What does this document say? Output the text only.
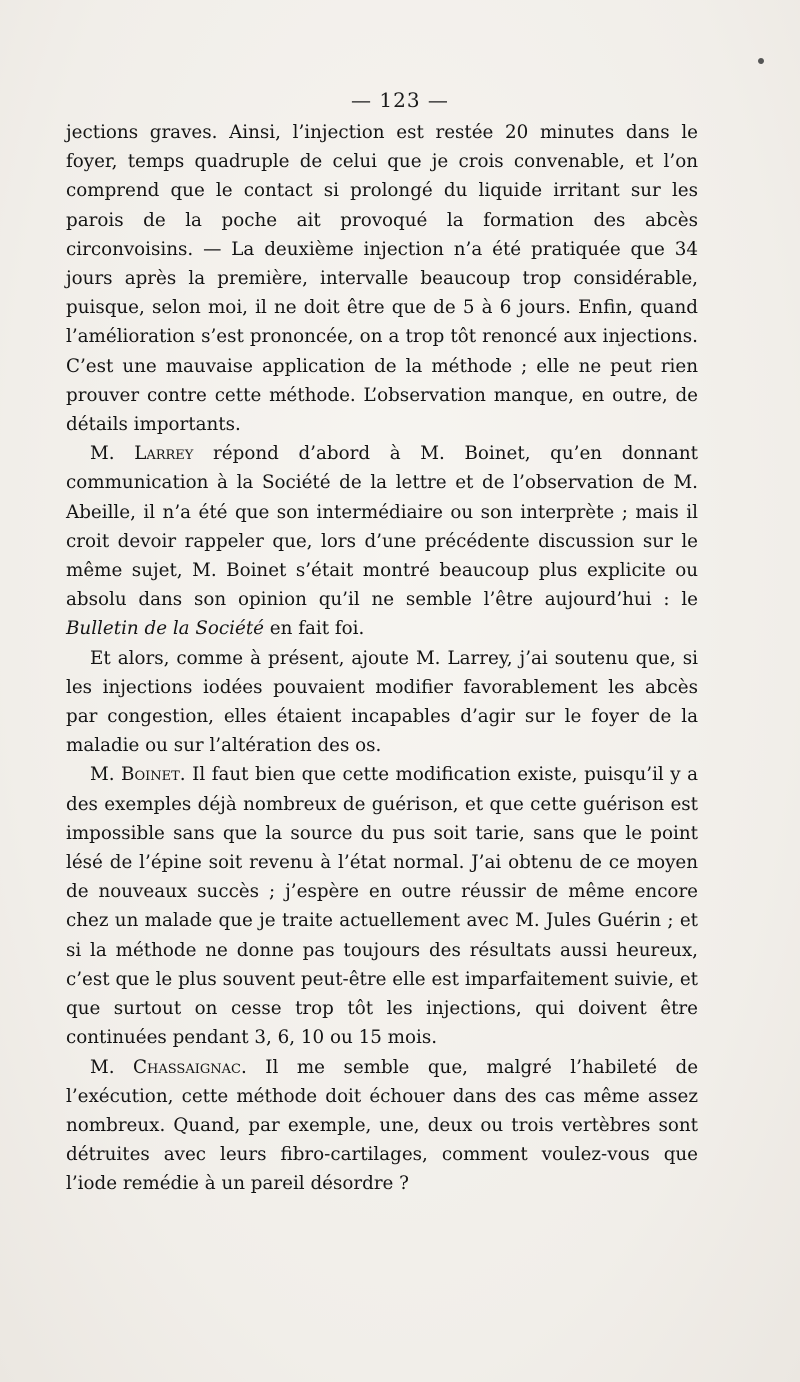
— 123 —

jections graves. Ainsi, l’injection est restée 20 minutes dans le foyer, temps quadruple de celui que je crois convenable, et l’on comprend que le contact si prolongé du liquide irritant sur les parois de la poche ait provoqué la formation des abcès circonvoisins. — La deuxième injection n’a été pratiquée que 34 jours après la première, intervalle beaucoup trop considérable, puisque, selon moi, il ne doit être que de 5 à 6 jours. Enfin, quand l’amélioration s’est prononcée, on a trop tôt renoncé aux injections. C’est une mauvaise application de la méthode ; elle ne peut rien prouver contre cette méthode. L’observation manque, en outre, de détails importants.

M. Larrey répond d’abord à M. Boinet, qu’en donnant communication à la Société de la lettre et de l’observation de M. Abeille, il n’a été que son intermédiaire ou son interprète ; mais il croit devoir rappeler que, lors d’une précédente discussion sur le même sujet, M. Boinet s’était montré beaucoup plus explicite ou absolu dans son opinion qu’il ne semble l’être aujourd’hui : le Bulletin de la Société en fait foi.

Et alors, comme à présent, ajoute M. Larrey, j’ai soutenu que, si les injections iodées pouvaient modifier favorablement les abcès par congestion, elles étaient incapables d’agir sur le foyer de la maladie ou sur l’altération des os.

M. Boinet. Il faut bien que cette modification existe, puisqu’il y a des exemples déjà nombreux de guérison, et que cette guérison est impossible sans que la source du pus soit tarie, sans que le point lésé de l’épine soit revenu à l’état normal. J’ai obtenu de ce moyen de nouveaux succès ; j’espère en outre réussir de même encore chez un malade que je traite actuellement avec M. Jules Guérin ; et si la méthode ne donne pas toujours des résultats aussi heureux, c’est que le plus souvent peut-être elle est imparfaitement suivie, et que surtout on cesse trop tôt les injections, qui doivent être continuées pendant 3, 6, 10 ou 15 mois.

M. Chassaignac. Il me semble que, malgré l’habileté de l’exécution, cette méthode doit échouer dans des cas même assez nombreux. Quand, par exemple, une, deux ou trois vertèbres sont détruites avec leurs fibro-cartilages, comment voulez-vous que l’iode remédie à un pareil désordre ?
